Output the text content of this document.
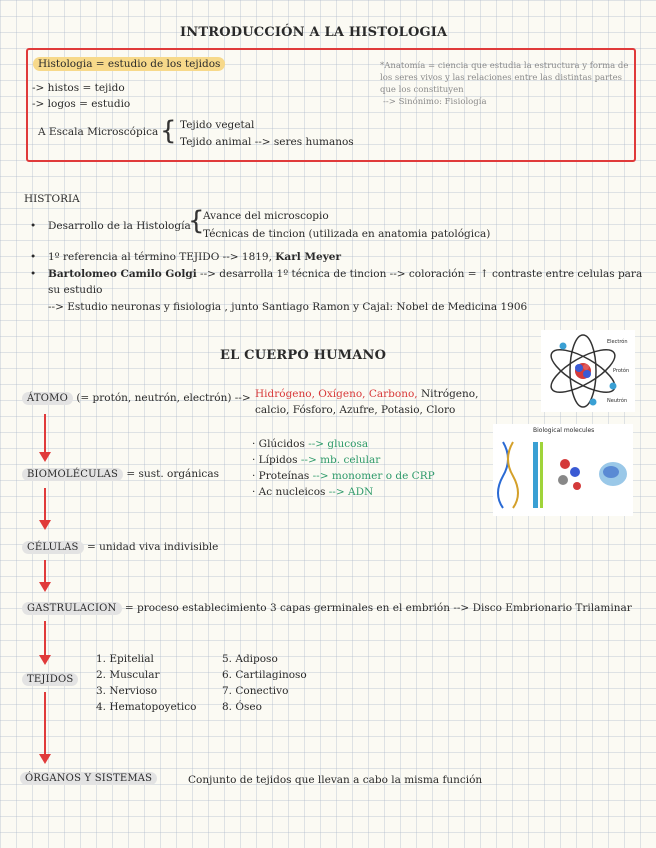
INTRODUCCIÓN A LA HISTOLOGIA
Histologia = estudio de los tejidos
-> histos = tejido
-> logos = estudio
A Escala Microscópica { Tejido vegetal
Tejido animal --> seres humanos
*Anatomía = ciencia que estudia la estructura y forma de los seres vivos y las relaciones entre las distintas partes que los constituyen
--> Sinónimo: Fisiología
HISTORIA
• Desarrollo de la Histología
{
Avance del microscopio
Técnicas de tincion (utilizada en anatomia patológica)
• 1º referencia al término TEJIDO --> 1819, Karl Meyer
• Bartolomeo Camilo Golgi --> desarrolla 1º técnica de tincion --> coloración = ↑ contraste entre celulas para
su estudio
--> Estudio neuronas y fisiologia , junto Santiago Ramon y Cajal: Nobel de Medicina 1906
EL CUERPO HUMANO
Electrón
Protón
Neutrón
ÁTOMO (= protón, neutrón, electrón) --> Hidrógeno, Oxígeno, Carbono, Nitrógeno,
calcio, Fósforo, Azufre, Potasio, Cloro
Biological molecules
BIOMOLÉCULAS = sust. orgánicas
· Glúcidos --> glucosa
· Lípidos --> mb. celular
· Proteínas --> monomer o de CRP
· Ac nucleicos --> ADN
CÉLULAS = unidad viva indivisible
GASTRULACION = proceso establecimiento 3 capas germinales en el embrión --> Disco Embrionario Trilaminar
TEJIDOS
1. Epitelial
2. Muscular
3. Nervioso
4. Hematopoyetico
5. Adiposo
6. Cartilaginoso
7. Conectivo
8. Óseo
ÓRGANOS Y SISTEMAS	Conjunto de tejidos que llevan a cabo la misma función
